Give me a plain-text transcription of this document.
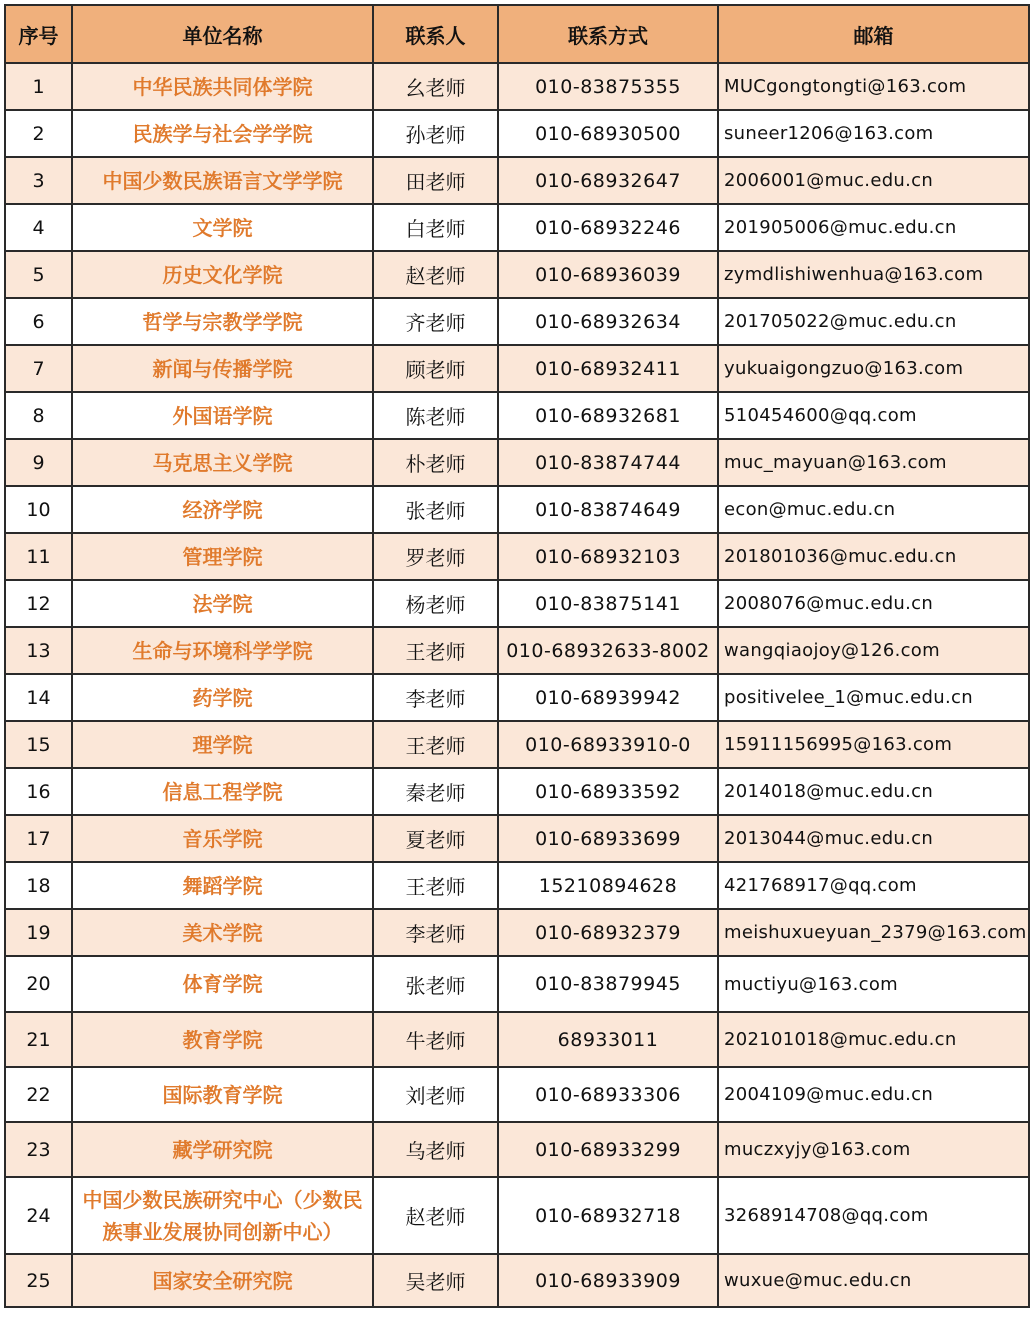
序号	单位名称	联系人	联系方式	邮箱
1	中华民族共同体学院	幺老师	010-83875355	MUCgongtongti@163.com
2	民族学与社会学学院	孙老师	010-68930500	suneer1206@163.com
3	中国少数民族语言文学学院	田老师	010-68932647	2006001@muc.edu.cn
4	文学院	白老师	010-68932246	201905006@muc.edu.cn
5	历史文化学院	赵老师	010-68936039	zymdlishiwenhua@163.com
6	哲学与宗教学学院	齐老师	010-68932634	201705022@muc.edu.cn
7	新闻与传播学院	顾老师	010-68932411	yukuaigongzuo@163.com
8	外国语学院	陈老师	010-68932681	510454600@qq.com
9	马克思主义学院	朴老师	010-83874744	muc_mayuan@163.com
10	经济学院	张老师	010-83874649	econ@muc.edu.cn
11	管理学院	罗老师	010-68932103	201801036@muc.edu.cn
12	法学院	杨老师	010-83875141	2008076@muc.edu.cn
13	生命与环境科学学院	王老师	010-68932633-8002	wangqiaojoy@126.com
14	药学院	李老师	010-68939942	positivelee_1@muc.edu.cn
15	理学院	王老师	010-68933910-0	15911156995@163.com
16	信息工程学院	秦老师	010-68933592	2014018@muc.edu.cn
17	音乐学院	夏老师	010-68933699	2013044@muc.edu.cn
18	舞蹈学院	王老师	15210894628	421768917@qq.com
19	美术学院	李老师	010-68932379	meishuxueyuan_2379@163.com
20	体育学院	张老师	010-83879945	muctiyu@163.com
21	教育学院	牛老师	68933011	202101018@muc.edu.cn
22	国际教育学院	刘老师	010-68933306	2004109@muc.edu.cn
23	藏学研究院	乌老师	010-68933299	muczxyjy@163.com
24	中国少数民族研究中心（少数民族事业发展协同创新中心）	赵老师	010-68932718	3268914708@qq.com
25	国家安全研究院	吴老师	010-68933909	wuxue@muc.edu.cn
